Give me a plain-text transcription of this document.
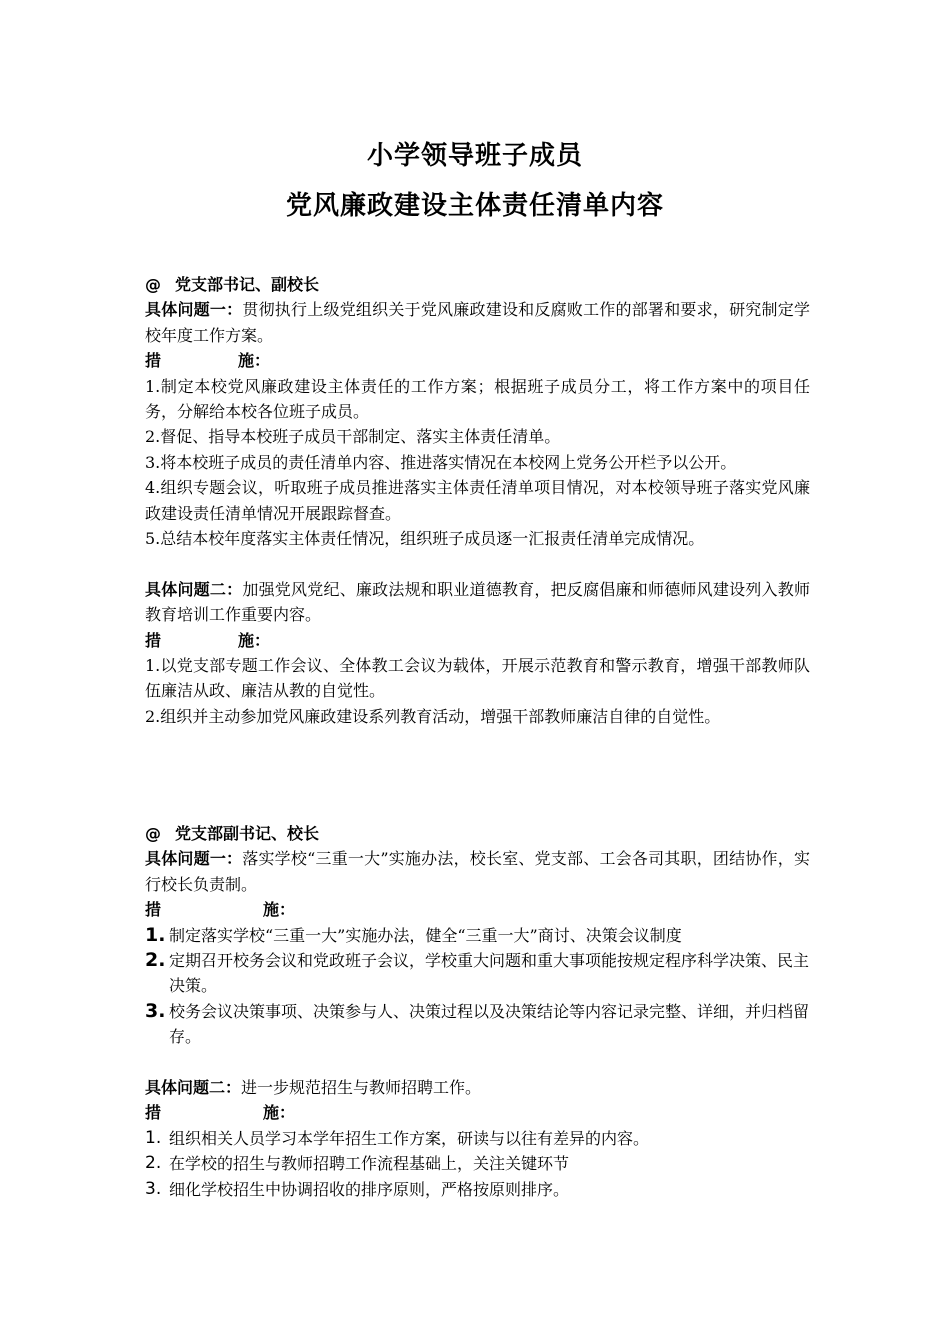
小学领导班子成员
党风廉政建设主体责任清单内容

@ 党支部书记、副校长

具体问题一：贯彻执行上级党组织关于党风廉政建设和反腐败工作的部署和要求，研究制定学校年度工作方案。

措	施：

1.制定本校党风廉政建设主体责任的工作方案；根据班子成员分工，将工作方案中的项目任务，分解给本校各位班子成员。

2.督促、指导本校班子成员干部制定、落实主体责任清单。

3.将本校班子成员的责任清单内容、推进落实情况在本校网上党务公开栏予以公开。

4.组织专题会议，听取班子成员推进落实主体责任清单项目情况，对本校领导班子落实党风廉政建设责任清单情况开展跟踪督查。

5.总结本校年度落实主体责任情况，组织班子成员逐一汇报责任清单完成情况。

具体问题二：加强党风党纪、廉政法规和职业道德教育，把反腐倡廉和师德师风建设列入教师教育培训工作重要内容。

措	施：

1.以党支部专题工作会议、全体教工会议为载体，开展示范教育和警示教育，增强干部教师队伍廉洁从政、廉洁从教的自觉性。

2.组织并主动参加党风廉政建设系列教育活动，增强干部教师廉洁自律的自觉性。

@ 党支部副书记、校长

具体问题一：落实学校“三重一大”实施办法，校长室、党支部、工会各司其职，团结协作，实行校长负责制。

措	施：
1. 制定落实学校“三重一大”实施办法，健全“三重一大”商讨、决策会议制度
2. 定期召开校务会议和党政班子会议，学校重大问题和重大事项能按规定程序科学决策、民主决策。
3. 校务会议决策事项、决策参与人、决策过程以及决策结论等内容记录完整、详细，并归档留存。

具体问题二：进一步规范招生与教师招聘工作。

措	施：
1. 组织相关人员学习本学年招生工作方案，研读与以往有差异的内容。
2. 在学校的招生与教师招聘工作流程基础上，关注关键环节
3. 细化学校招生中协调招收的排序原则，严格按原则排序。
